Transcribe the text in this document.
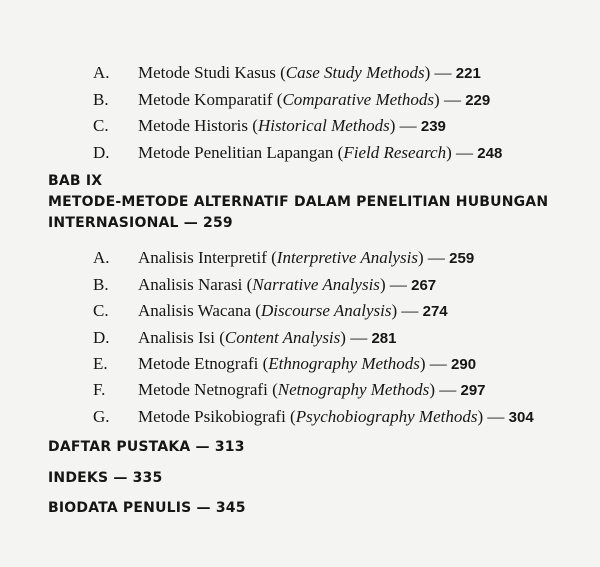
A. Metode Studi Kasus (Case Study Methods) — 221
B. Metode Komparatif (Comparative Methods) — 229
C. Metode Historis (Historical Methods) — 239
D. Metode Penelitian Lapangan (Field Research) — 248
BAB IX
METODE-METODE ALTERNATIF DALAM PENELITIAN HUBUNGAN
INTERNASIONAL — 259
A. Analisis Interpretif (Interpretive Analysis) — 259
B. Analisis Narasi (Narrative Analysis) — 267
C. Analisis Wacana (Discourse Analysis) — 274
D. Analisis Isi (Content Analysis) — 281
E. Metode Etnografi (Ethnography Methods) — 290
F. Metode Netnografi (Netnography Methods) — 297
G. Metode Psikobiografi (Psychobiography Methods) — 304
DAFTAR PUSTAKA — 313
INDEKS — 335
BIODATA PENULIS — 345
